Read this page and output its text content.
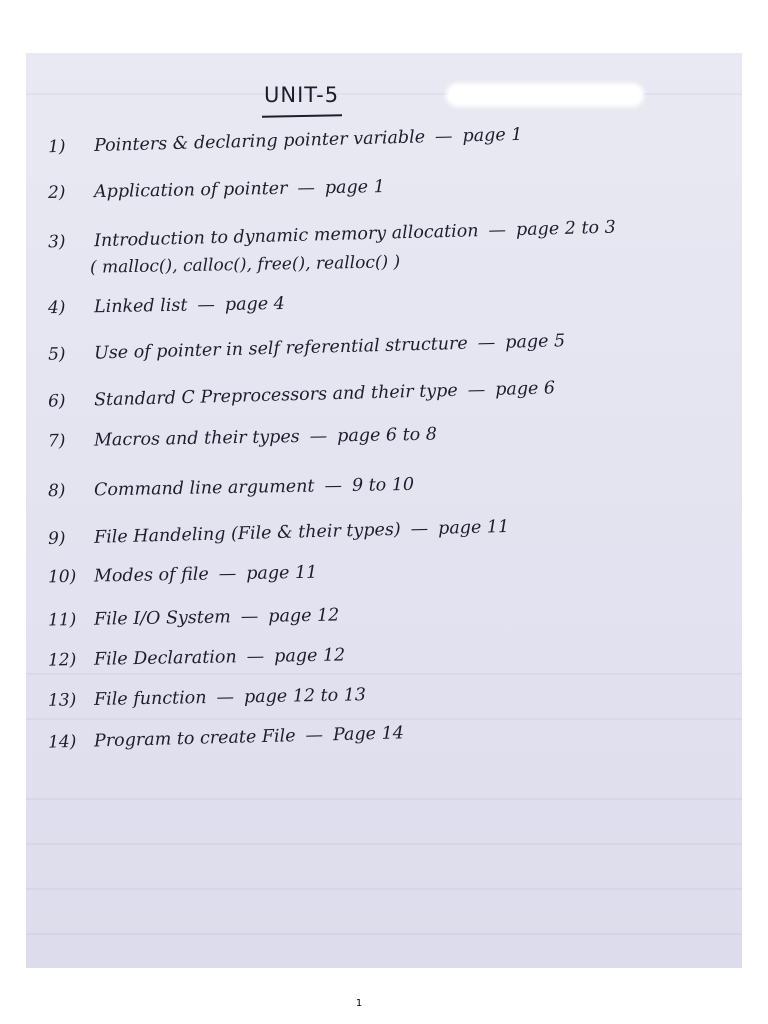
UNIT-5
1)	Pointers & declaring pointer variable — page 1
2)	Application of pointer — page 1
3)	Introduction to dynamic memory allocation — page 2 to 3
( malloc(), calloc(), free(), realloc() )
4)	Linked list — page 4
5)	Use of pointer in self referential structure — page 5
6)	Standard C Preprocessors and their type — page 6
7)	Macros and their types — page 6 to 8
8)	Command line argument — 9 to 10
9)	File Handeling (File & their types) — page 11
10) Modes of file — page 11
11) File I/O System — page 12
12) File Declaration — page 12
13) File function — page 12 to 13
14) Program to create File — Page 14
1
